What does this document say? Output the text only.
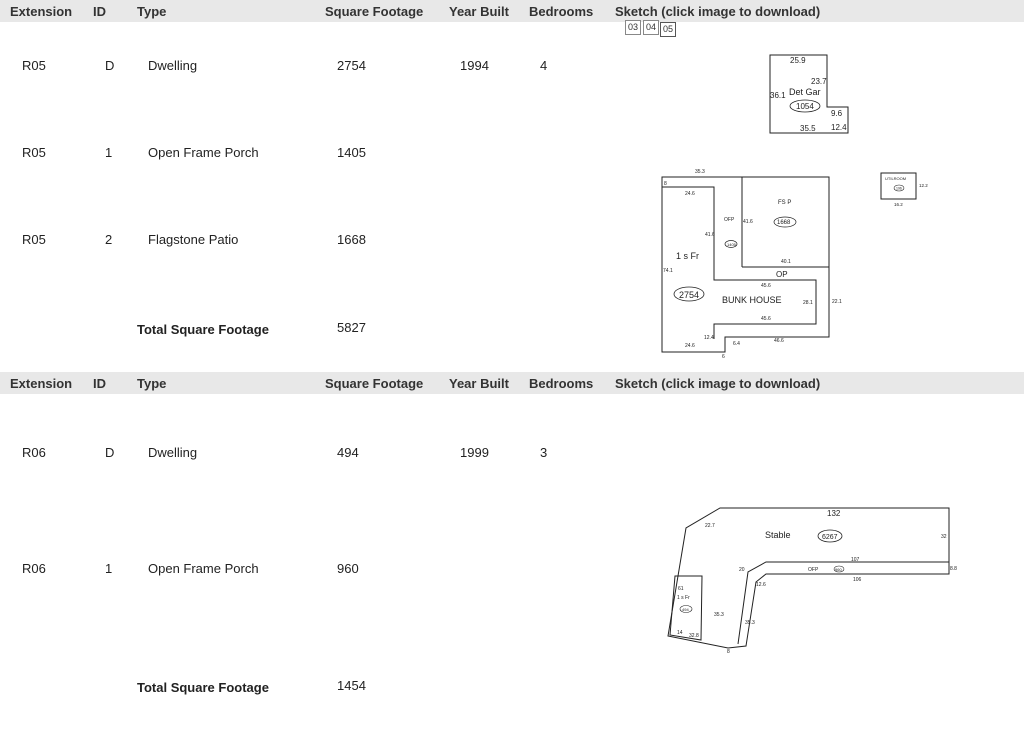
Extension ID Type	Square Footage Year Built Bedrooms Sketch (click image to download)
03 04 05
R05	D	Dwelling	2754	1994	4
R05	1	Open Frame Porch	1405
R05	2	Flagstone Patio	1668
Total Square Footage	5827
25.9
23.7
36.1 Det Gar
1054
9.6
12.4
35.5
35.3
8
24.6
OFP 41.6
41.6
1405
FS P
1668
40.1
1 s Fr
74.1	OP
45.6
2754	BUNK HOUSE	28.1	22.1
45.6
12.4
6.4	46.6
24.6
6
UTILROOM
196
12.2
16.2
Extension ID Type	Square Footage Year Built Bedrooms Sketch (click image to download)
R06	D	Dwelling	494	1999	3
R06	1	Open Frame Porch	960
Total Square Footage	1454
132
22.7
32
Stable	6267
107
20	OFP	960
106
8.8
12.6
61
1 s Fr
494
35.3
35.3
14 32.8
8
